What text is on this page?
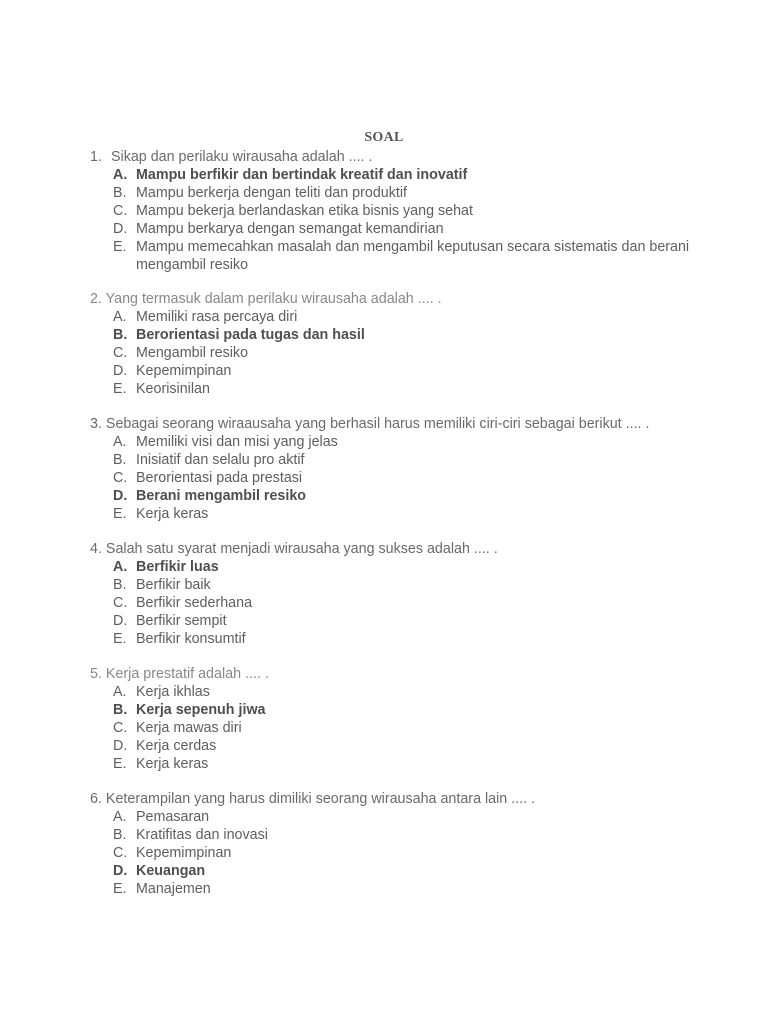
SOAL
1. Sikap dan perilaku wirausaha adalah .... .
A. Mampu berfikir dan bertindak kreatif dan inovatif
B. Mampu berkerja dengan teliti dan produktif
C. Mampu bekerja berlandaskan etika bisnis yang sehat
D. Mampu berkarya dengan semangat kemandirian
E. Mampu memecahkan masalah dan mengambil keputusan secara sistematis dan berani mengambil resiko
2. Yang termasuk dalam perilaku wirausaha adalah .... .
A. Memiliki rasa percaya diri
B. Berorientasi pada tugas dan hasil
C. Mengambil resiko
D. Kepemimpinan
E. Keorisinilan
3. Sebagai seorang wiraausaha yang berhasil harus memiliki ciri-ciri sebagai berikut .... .
A. Memiliki visi dan misi yang jelas
B. Inisiatif dan selalu pro aktif
C. Berorientasi pada prestasi
D. Berani mengambil resiko
E. Kerja keras
4. Salah satu syarat menjadi wirausaha yang sukses adalah .... .
A. Berfikir luas
B. Berfikir baik
C. Berfikir sederhana
D. Berfikir sempit
E. Berfikir konsumtif
5. Kerja prestatif adalah .... .
A. Kerja ikhlas
B. Kerja sepenuh jiwa
C. Kerja mawas diri
D. Kerja cerdas
E. Kerja keras
6. Keterampilan yang harus dimiliki seorang wirausaha antara lain .... .
A. Pemasaran
B. Kratifitas dan inovasi
C. Kepemimpinan
D. Keuangan
E. Manajemen
